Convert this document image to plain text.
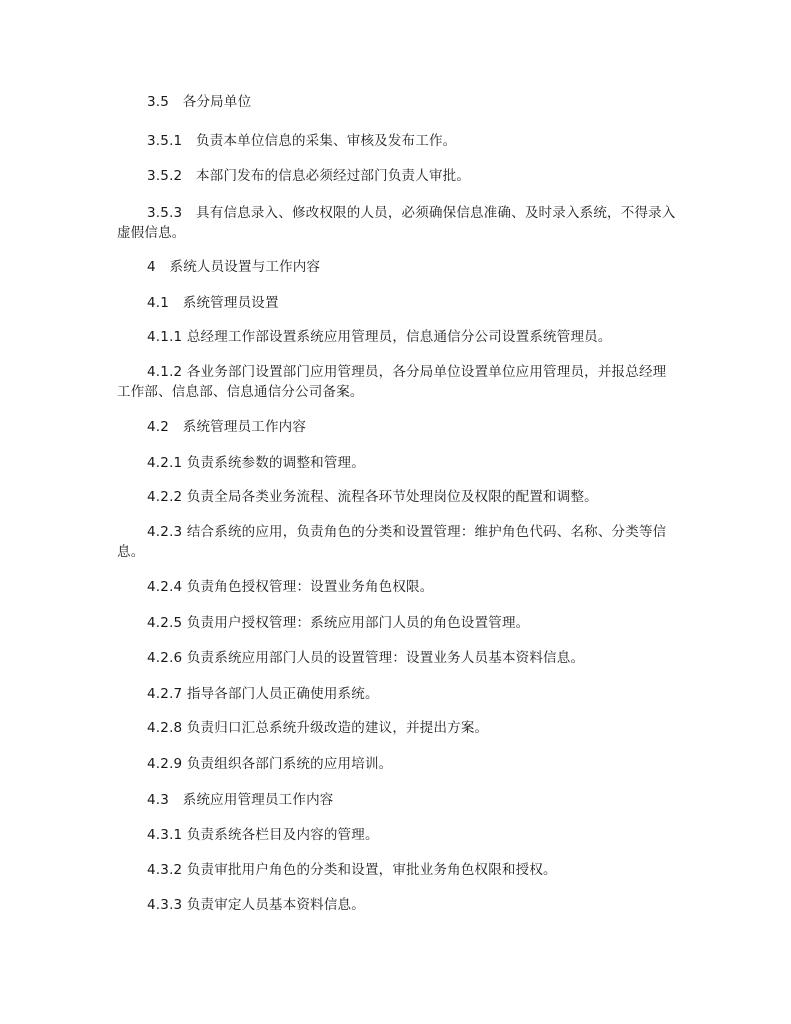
3.5　各分局单位

3.5.1　负责本单位信息的采集、审核及发布工作。

3.5.2　本部门发布的信息必须经过部门负责人审批。

3.5.3　具有信息录入、修改权限的人员，必须确保信息准确、及时录入系统，不得录入虚假信息。

4　系统人员设置与工作内容

4.1　系统管理员设置

4.1.1 总经理工作部设置系统应用管理员，信息通信分公司设置系统管理员。

4.1.2 各业务部门设置部门应用管理员，各分局单位设置单位应用管理员，并报总经理工作部、信息部、信息通信分公司备案。

4.2　系统管理员工作内容

4.2.1 负责系统参数的调整和管理。

4.2.2 负责全局各类业务流程、流程各环节处理岗位及权限的配置和调整。

4.2.3 结合系统的应用，负责角色的分类和设置管理：维护角色代码、名称、分类等信息。

4.2.4 负责角色授权管理：设置业务角色权限。

4.2.5 负责用户授权管理：系统应用部门人员的角色设置管理。

4.2.6 负责系统应用部门人员的设置管理：设置业务人员基本资料信息。

4.2.7 指导各部门人员正确使用系统。

4.2.8 负责归口汇总系统升级改造的建议，并提出方案。

4.2.9 负责组织各部门系统的应用培训。

4.3　系统应用管理员工作内容

4.3.1 负责系统各栏目及内容的管理。

4.3.2 负责审批用户角色的分类和设置，审批业务角色权限和授权。

4.3.3 负责审定人员基本资料信息。
